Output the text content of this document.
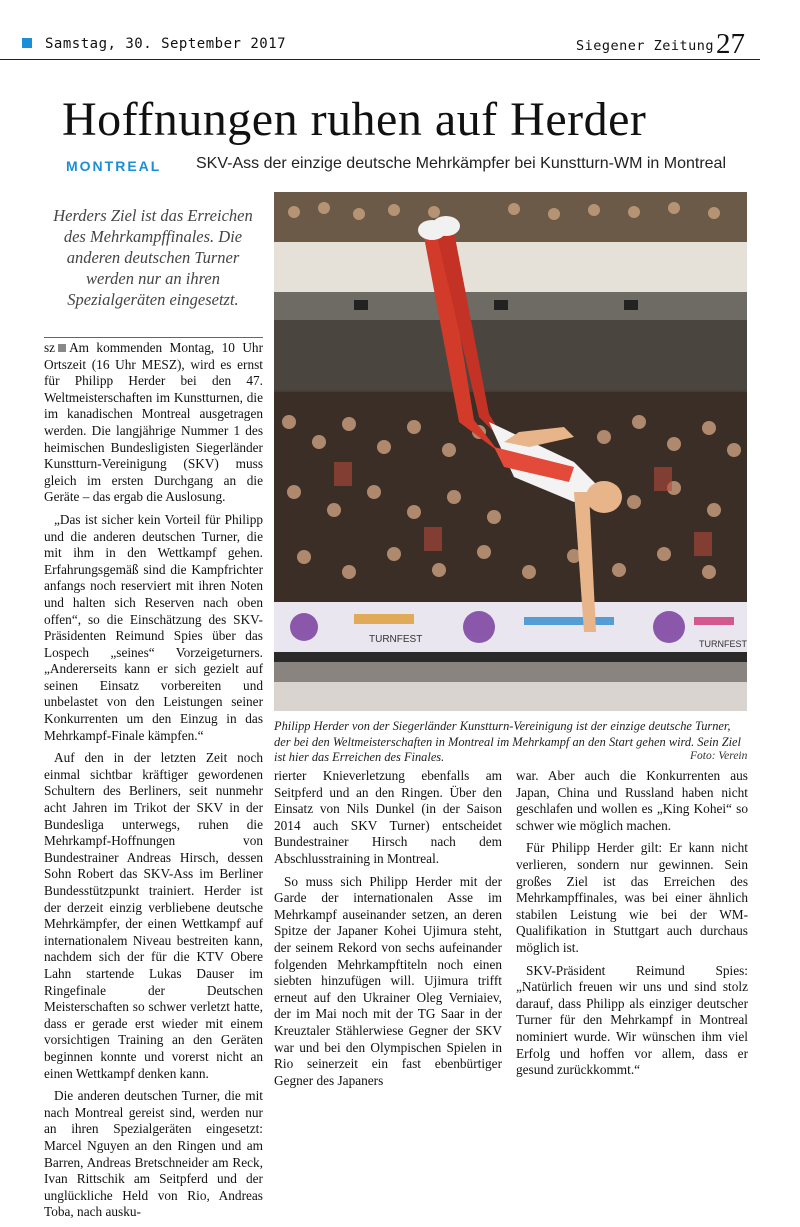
Samstag, 30. September 2017	Siegener Zeitung 27
Hoffnungen ruhen auf Herder
MONTREAL SKV-Ass der einzige deutsche Mehrkämpfer bei Kunstturn-WM in Montreal
Herders Ziel ist das Erreichen des Mehrkampffinales. Die anderen deutschen Turner werden nur an ihren Spezialgeräten eingesetzt.

sz Am kommenden Montag, 10 Uhr Ortszeit (16 Uhr MESZ), wird es ernst für Philipp Herder bei den 47. Weltmeisterschaften im Kunstturnen, die im kanadischen Montreal ausgetragen werden. Die langjährige Nummer 1 des heimischen Bundesligisten Siegerländer Kunstturn-Vereinigung (SKV) muss gleich im ersten Durchgang an die Geräte – das ergab die Auslosung.

„Das ist sicher kein Vorteil für Philipp und die anderen deutschen Turner, die mit ihm in den Wettkampf gehen. Erfahrungsgemäß sind die Kampfrichter anfangs noch reserviert mit ihren Noten und halten sich Reserven nach oben offen“, so die Einschätzung des SKV-Präsidenten Reimund Spies über das Lospech „seines“ Vorzeigeturners. „Andererseits kann er sich gezielt auf seinen Einsatz vorbereiten und unbelastet von den Leistungen seiner Konkurrenten um den Einzug in das Mehrkampf-Finale kämpfen.“

Auf den in der letzten Zeit noch einmal sichtbar kräftiger gewordenen Schultern des Berliners, seit nunmehr acht Jahren im Trikot der SKV in der Bundesliga unterwegs, ruhen die Mehrkampf-Hoffnungen von Bundestrainer Andreas Hirsch, dessen Sohn Robert das SKV-Ass im Berliner Bundesstützpunkt trainiert. Herder ist der derzeit einzig verbliebene deutsche Mehrkämpfer, der einen Wettkampf auf internationalem Niveau bestreiten kann, nachdem sich der für die KTV Obere Lahn startende Lukas Dauser im Ringefinale der Deutschen Meisterschaften so schwer verletzt hatte, dass er gerade erst wieder mit einem vorsichtigen Training an den Geräten beginnen konnte und vorerst nicht an einen Wettkampf denken kann.

Die anderen deutschen Turner, die mit nach Montreal gereist sind, werden nur an ihren Spezialgeräten eingesetzt: Marcel Nguyen an den Ringen und am Barren, Andreas Bretschneider am Reck, Ivan Rittschik am Seitpferd und der unglückliche Held von Rio, Andreas Toba, nach ausku-

TURNFEST	TURNFEST
Philipp Herder von der Siegerländer Kunstturn-Vereinigung ist der einzige deutsche Turner, der bei den Weltmeisterschaften in Montreal im Mehrkampf an den Start gehen wird. Sein Ziel ist hier das Erreichen des Finales.	Foto: Verein

rierter Knieverletzung ebenfalls am Seitpferd und an den Ringen. Über den Einsatz von Nils Dunkel (in der Saison 2014 auch SKV Turner) entscheidet Bundestrainer Hirsch nach dem Abschlusstraining in Montreal.

So muss sich Philipp Herder mit der Garde der internationalen Asse im Mehrkampf auseinander setzen, an deren Spitze der Japaner Kohei Ujimura steht, der seinem Rekord von sechs aufeinander folgenden Mehrkampftiteln noch einen siebten hinzufügen will. Ujimura trifft erneut auf den Ukrainer Oleg Verniaiev, der im Mai noch mit der TG Saar in der Kreuztaler Stählerwiese Gegner der SKV war und bei den Olympischen Spielen in Rio seinerzeit ein fast ebenbürtiger Gegner des Japaners

war. Aber auch die Konkurrenten aus Japan, China und Russland haben nicht geschlafen und wollen es „King Kohei“ so schwer wie möglich machen.

Für Philipp Herder gilt: Er kann nicht verlieren, sondern nur gewinnen. Sein großes Ziel ist das Erreichen des Mehrkampffinales, was bei einer ähnlich stabilen Leistung wie bei der WM-Qualifikation in Stuttgart auch durchaus möglich ist.

SKV-Präsident Reimund Spies: „Natürlich freuen wir uns und sind stolz darauf, dass Philipp als einziger deutscher Turner für den Mehrkampf in Montreal nominiert wurde. Wir wünschen ihm viel Erfolg und hoffen vor allem, dass er gesund zurückkommt.“
